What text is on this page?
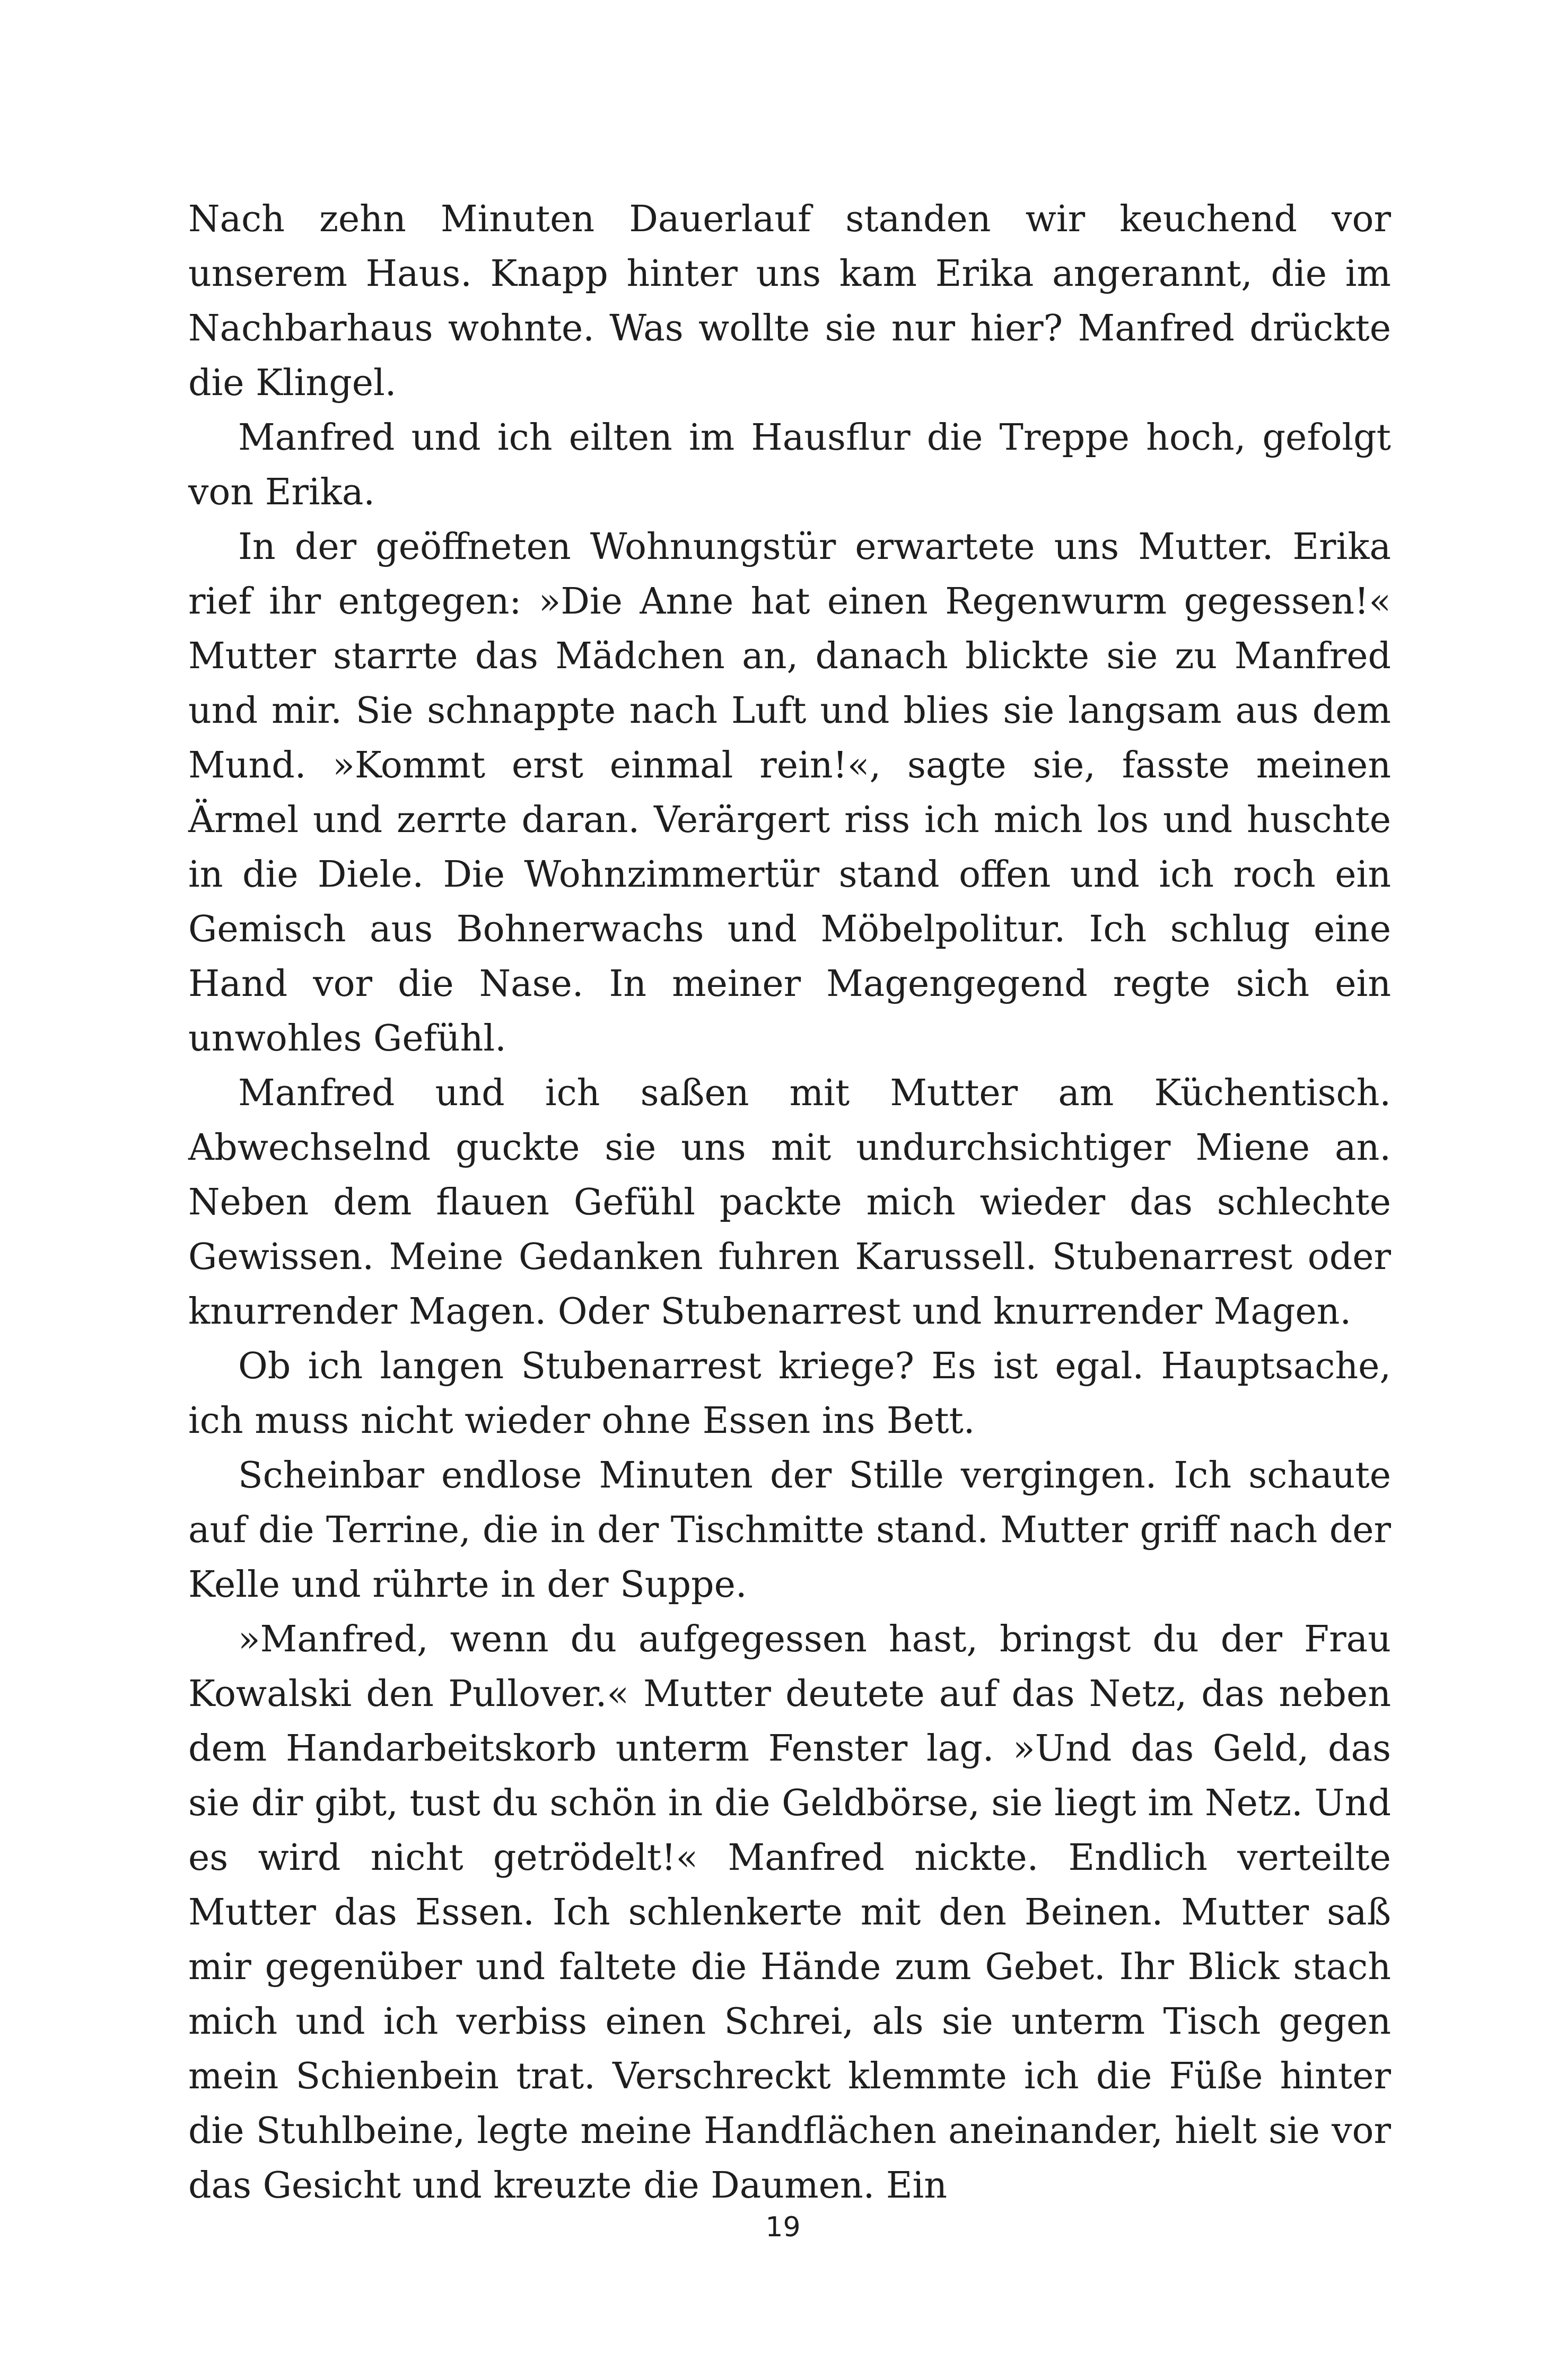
Nach zehn Minuten Dauerlauf standen wir keuchend vor unserem Haus. Knapp hinter uns kam Erika angerannt, die im Nachbarhaus wohnte. Was wollte sie nur hier? Manfred drückte die Klingel.

Manfred und ich eilten im Hausflur die Treppe hoch, gefolgt von Erika.

In der geöffneten Wohnungstür erwartete uns Mutter. Erika rief ihr entgegen: »Die Anne hat einen Regenwurm gegessen!« Mutter starrte das Mädchen an, danach blickte sie zu Manfred und mir. Sie schnappte nach Luft und blies sie langsam aus dem Mund. »Kommt erst einmal rein!«, sagte sie, fasste meinen Ärmel und zerrte daran. Verärgert riss ich mich los und huschte in die Diele. Die Wohnzimmertür stand offen und ich roch ein Gemisch aus Bohnerwachs und Möbelpolitur. Ich schlug eine Hand vor die Nase. In meiner Magengegend regte sich ein unwohles Gefühl.

Manfred und ich saßen mit Mutter am Küchentisch. Abwechselnd guckte sie uns mit undurchsichtiger Miene an. Neben dem flauen Gefühl packte mich wieder das schlechte Gewissen. Meine Gedanken fuhren Karussell. Stubenarrest oder knurrender Magen. Oder Stubenarrest und knurrender Magen.

Ob ich langen Stubenarrest kriege? Es ist egal. Hauptsache, ich muss nicht wieder ohne Essen ins Bett.

Scheinbar endlose Minuten der Stille vergingen. Ich schaute auf die Terrine, die in der Tischmitte stand. Mutter griff nach der Kelle und rührte in der Suppe.

»Manfred, wenn du aufgegessen hast, bringst du der Frau Kowalski den Pullover.« Mutter deutete auf das Netz, das neben dem Handarbeitskorb unterm Fenster lag. »Und das Geld, das sie dir gibt, tust du schön in die Geldbörse, sie liegt im Netz. Und es wird nicht getrödelt!« Manfred nickte. Endlich verteilte Mutter das Essen. Ich schlenkerte mit den Beinen. Mutter saß mir gegenüber und faltete die Hände zum Gebet. Ihr Blick stach mich und ich verbiss einen Schrei, als sie unterm Tisch gegen mein Schienbein trat. Verschreckt klemmte ich die Füße hinter die Stuhlbeine, legte meine Handflächen aneinander, hielt sie vor das Gesicht und kreuzte die Daumen. Ein

19
